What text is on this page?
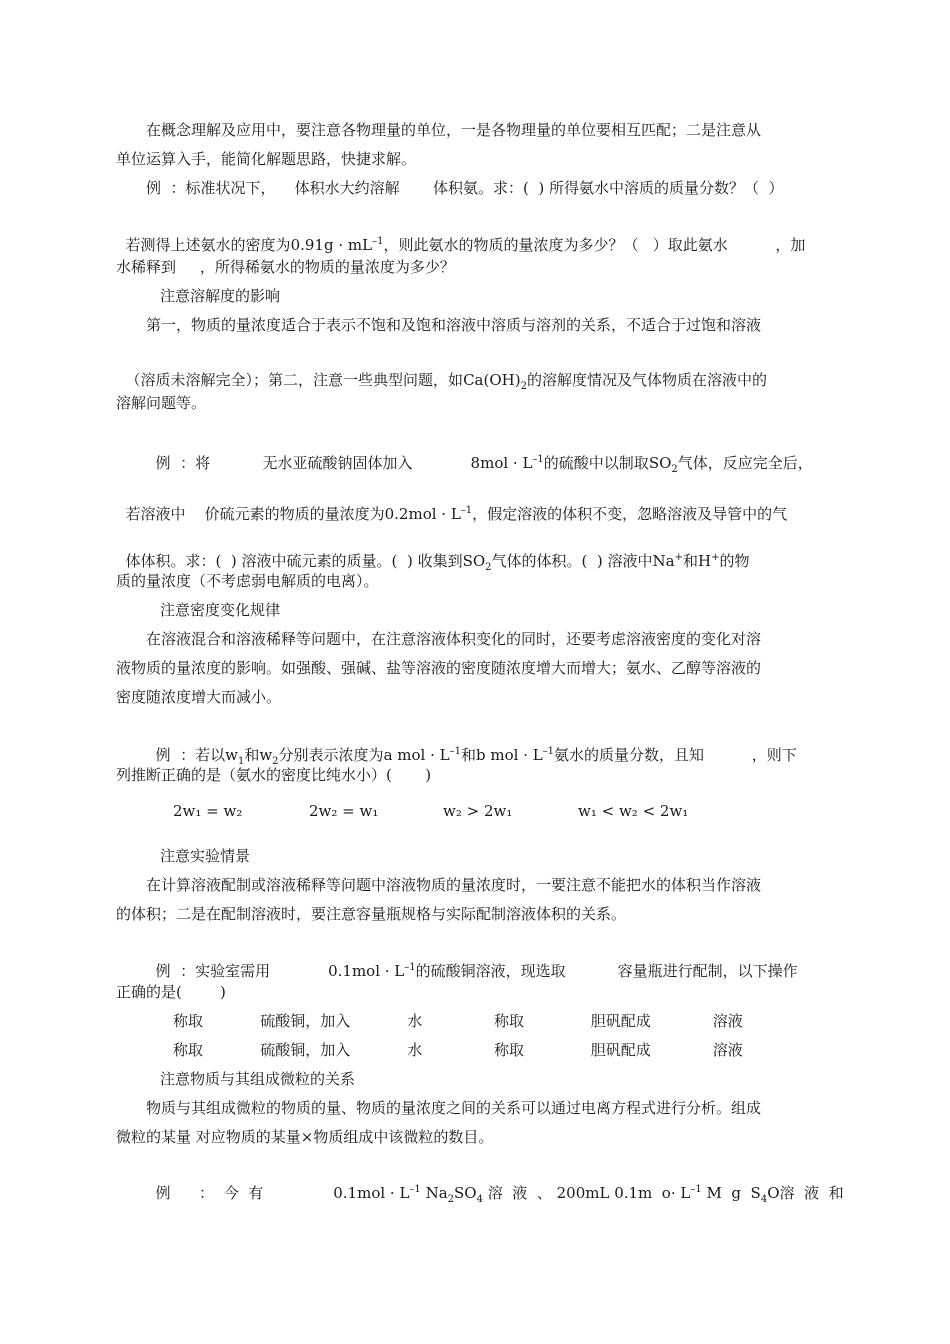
在概念理解及应用中，要注意各物理量的单位，一是各物理量的单位要相互匹配；二是注意从
单位运算入手，能简化解题思路，快捷求解。
例  ：标准状况下，    体积水大约溶解       体积氨。求：(  ) 所得氨水中溶质的质量分数？（  ）

若测得上述氨水的密度为$0.91g \cdot mL^{-1}$，则此氨水的物质的量浓度为多少？（   ）取此氨水          ，加

水稀释到     ，所得稀氨水的物质的量浓度为多少？
注意溶解度的影响
第一，物质的量浓度适合于表示不饱和及饱和溶液中溶质与溶剂的关系，不适合于过饱和溶液

（溶质未溶解完全）；第二，注意一些典型问题，如$Ca(OH)_2$的溶解度情况及气体物质在溶液中的

溶解问题等。

例  ：将           无水亚硫酸钠固体加入	$8mol \cdot L^{-1}$的硫酸中以制取$SO_2$气体，反应完全后，

若溶液中    价硫元素的物质的量浓度为$0.2mol \cdot L^{-1}$，假定溶液的体积不变，忽略溶液及导管中的气

体体积。求：(  ) 溶液中硫元素的质量。(  ) 收集到$SO_2$气体的体积。(  ) 溶液中Na+和H+的物

质的量浓度（不考虑弱电解质的电离）。
注意密度变化规律
在溶液混合和溶液稀释等问题中，在注意溶液体积变化的同时，还要考虑溶液密度的变化对溶
液物质的量浓度的影响。如强酸、强碱、盐等溶液的密度随浓度增大而增大；氨水、乙醇等溶液的
密度随浓度增大而减小。

例  ：若以$w_1$和$w_2$分别表示浓度为a mol · $L^{-1}$和b mol · $L^{-1}$氨水的质量分数，且知          ，则下

列推断正确的是（氨水的密度比纯水小）(       )
2w₁ = w₂	2w₂ = w₁	w₂ > 2w₁	w₁ < w₂ < 2w₁
注意实验情景
在计算溶液配制或溶液稀释等问题中溶液物质的量浓度时，一要注意不能把水的体积当作溶液
的体积；二是在配制溶液时，要注意容量瓶规格与实际配制溶液体积的关系。

例  ：实验室需用	$0.1mol \cdot L^{-1}$的硫酸铜溶液，现选取	容量瓶进行配制，以下操作

正确的是(        )
称取            硫酸铜，加入            水               称取              胆矾配成             溶液
称取            硫酸铜，加入            水               称取              胆矾配成             溶液
注意物质与其组成微粒的关系
物质与其组成微粒的物质的量、物质的量浓度之间的关系可以通过电离方程式进行分析。组成
微粒的某量 对应物质的某量×物质组成中该微粒的数目。

例      ：  今  有	$0.1mol \cdot L^{-1}$ $Na_2SO_4$ 溶  液  、 200mL 0.1m  $o\cdot L^{-1}$ M  g  $S_4O$溶  液  和
